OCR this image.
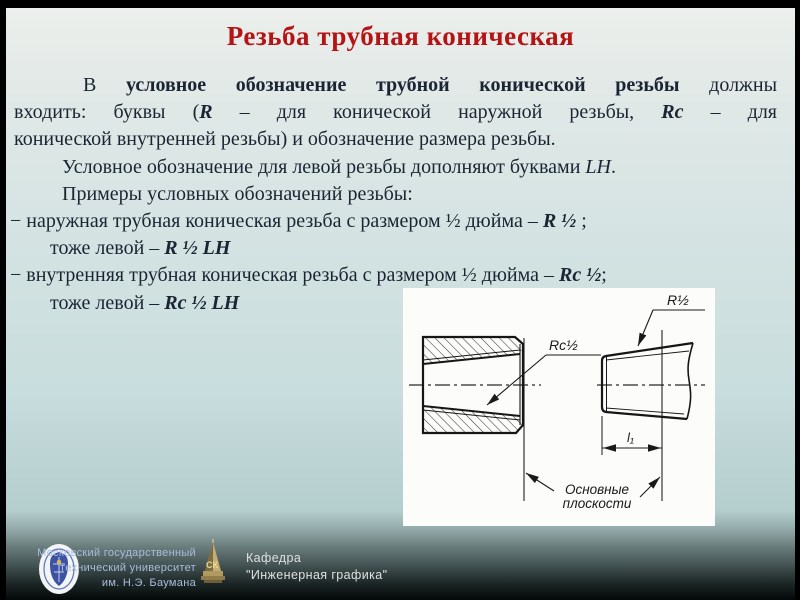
Резьба трубная коническая
В условное обозначение трубной конической резьбы должны
входить: буквы (R – для конической наружной резьбы, Rc – для
конической внутренней резьбы) и обозначение размера резьбы.
Условное обозначение для левой резьбы дополняют буквами LH.
Примеры условных обозначений резьбы:
− наружная трубная коническая резьба с размером ½ дюйма – R ½ ;
тоже левой – R ½ LH
− внутренняя трубная коническая резьба с размером ½ дюйма – Rc ½;
тоже левой – Rc ½ LH
Rc½
R½
l₁
Основные
плоскости
Московский государственный
технический университет
им. Н.Э. Баумана
СК Кафедра
"Инженерная графика"
